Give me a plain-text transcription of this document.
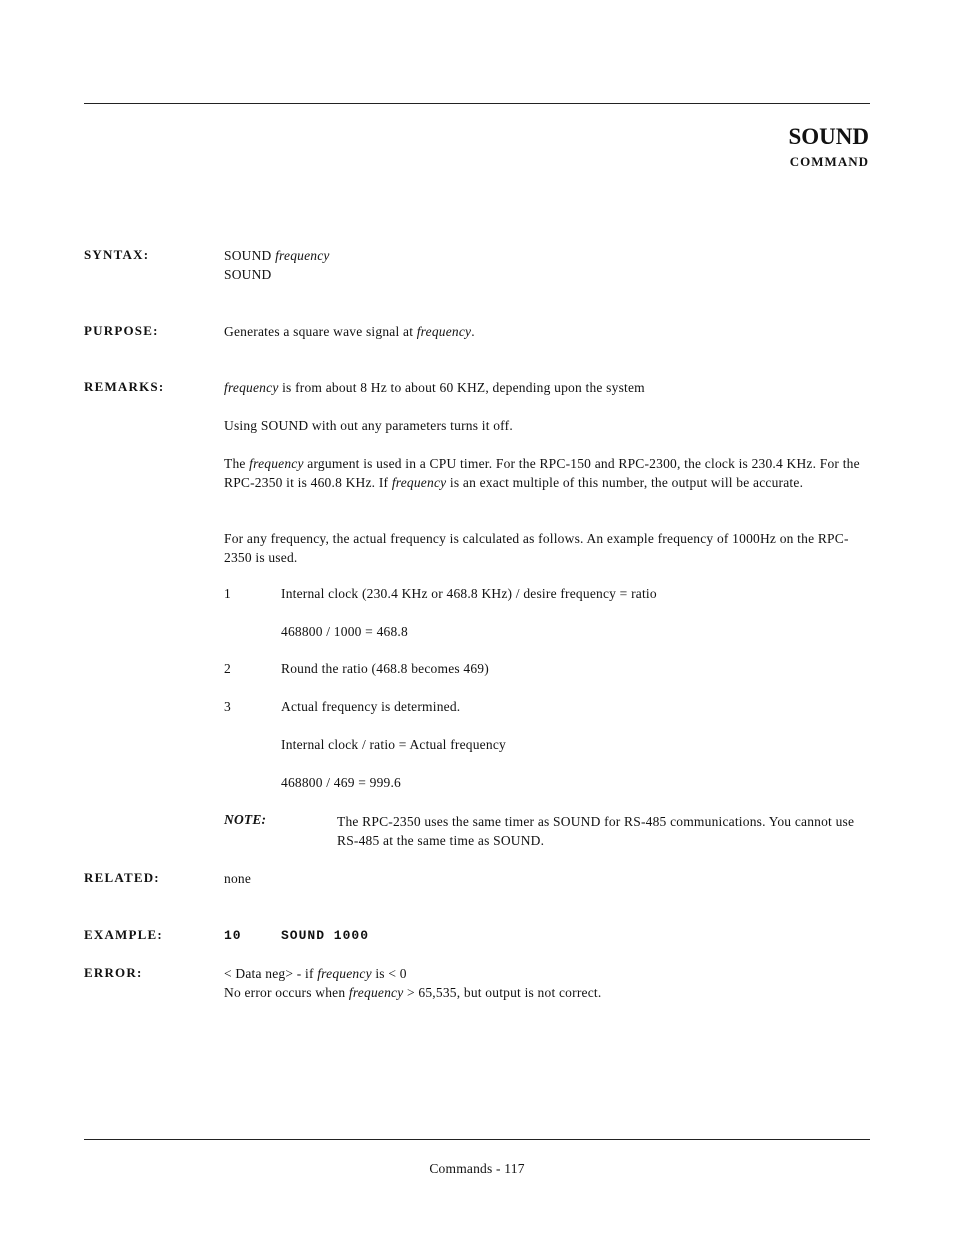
SOUND
COMMAND
SYNTAX:	SOUND frequency
SOUND
PURPOSE:	Generates a square wave signal at frequency.
REMARKS:	frequency is from about 8 Hz to about 60 KHZ, depending upon the system
Using SOUND with out any parameters turns it off.
The frequency argument is used in a CPU timer. For the RPC-150 and RPC-2300, the clock is 230.4 KHz. For the RPC-2350 it is 460.8 KHz. If frequency is an exact multiple of this number, the output will be accurate.
For any frequency, the actual frequency is calculated as follows. An example frequency of 1000Hz on the RPC-2350 is used.
1	Internal clock (230.4 KHz or 468.8 KHz) / desire frequency = ratio
468800 / 1000 = 468.8
2	Round the ratio (468.8 becomes 469)
3	Actual frequency is determined.
Internal clock / ratio = Actual frequency
468800 / 469 = 999.6
NOTE:	The RPC-2350 uses the same timer as SOUND for RS-485 communications. You cannot use RS-485 at the same time as SOUND.
RELATED:	none
EXAMPLE:	10	SOUND 1000
ERROR:	< Data neg> - if frequency is < 0
No error occurs when frequency > 65,535, but output is not correct.
Commands - 117
